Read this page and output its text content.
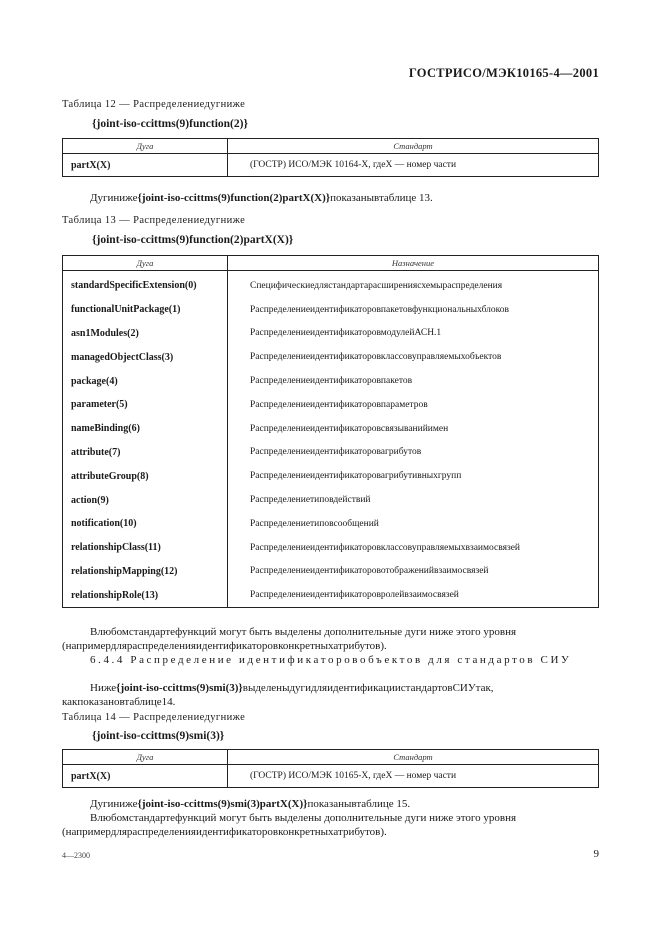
ГОСТРИСО/МЭК10165-4—2001
Таблица 12 — Распределениедугниже
{joint-iso-ccittms(9)function(2)}
Дуга	Стандарт
partX(X)	(ГОСТР) ИСО/МЭК 10164-X, гдеX — номер части
Дугиниже{joint-iso-ccittms(9)function(2)partX(X)}показанывтаблице 13.
Таблица 13 — Распределениедугниже
{joint-iso-ccittms(9)function(2)partX(X)}
Дуга	Назначение
standardSpecificExtension(0)	Специфическиедлястандартарасширениясхемыраспределения
functionalUnitPackage(1)	Распределениеидентификаторовпакетовфункциональныхблоков
asn1Modules(2)	РаспределениеидентификаторовмодулейАСН.1
managedObjectClass(3)	Распределениеидентификаторовклассовуправляемыхобъектов
package(4)	Распределениеидентификаторовпакетов
parameter(5)	Распределениеидентификаторовпараметров
nameBinding(6)	Распределениеидентификаторовсвязыванийимен
attribute(7)	Распределениеидентификаторовагрибутов
attributeGroup(8)	Распределениеидентификаторовагрибутивныхгрупп
action(9)	Распределениетиповдействий
notification(10)	Распределениетиповсообщений
relationshipClass(11)	Распределениеидентификаторовклассовуправляемыхвзаимосвязей
relationshipMapping(12)	Распределениеидентификаторовотображенийвзаимосвязей
relationshipRole(13)	Распределениеидентификаторовролейвзаимосвязей
Влюбомстандартефункций могут быть выделены дополнительные дуги ниже этого уровня (напримердляраспределенияидентификаторовконкретныхатрибутов).
6.4.4 Распределение идентификаторовобъектов для стандартов СИУ
Ниже{joint-iso-ccittms(9)smi(3)}выделеныдугидляидентификациистандартовСИУтак, какпоказановтаблице14.
Таблица 14 — Распределениедугниже
{joint-iso-ccittms(9)smi(3)}
Дуга	Стандарт
partX(X)	(ГОСТР) ИСО/МЭК 10165-X, гдеX — номер части
Дугиниже{joint-iso-ccittms(9)smi(3)partX(X)}показанывтаблице 15.
Влюбомстандартефункций могут быть выделены дополнительные дуги ниже этого уровня (напримердляраспределенияидентификаторовконкретныхатрибутов).
4—2300	9
